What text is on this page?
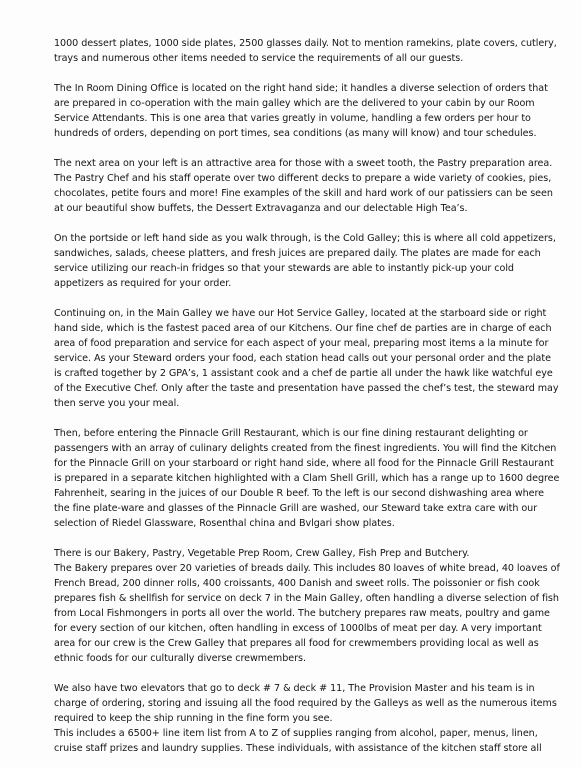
1000 dessert plates, 1000 side plates, 2500 glasses daily. Not to mention ramekins, plate covers, cutlery, trays and numerous other items needed to service the requirements of all our guests.

The In Room Dining Office is located on the right hand side; it handles a diverse selection of orders that are prepared in co-operation with the main galley which are the delivered to your cabin by our Room Service Attendants. This is one area that varies greatly in volume, handling a few orders per hour to hundreds of orders, depending on port times, sea conditions (as many will know) and tour schedules.

The next area on your left is an attractive area for those with a sweet tooth, the Pastry preparation area. The Pastry Chef and his staff operate over two different decks to prepare a wide variety of cookies, pies, chocolates, petite fours and more! Fine examples of the skill and hard work of our patissiers can be seen at our beautiful show buffets, the Dessert Extravaganza and our delectable High Tea’s.

On the portside or left hand side as you walk through, is the Cold Galley; this is where all cold appetizers, sandwiches, salads, cheese platters, and fresh juices are prepared daily. The plates are made for each service utilizing our reach-in fridges so that your stewards are able to instantly pick-up your cold appetizers as required for your order.

Continuing on, in the Main Galley we have our Hot Service Galley, located at the starboard side or right hand side, which is the fastest paced area of our Kitchens. Our fine chef de parties are in charge of each area of food preparation and service for each aspect of your meal, preparing most items a la minute for service. As your Steward orders your food, each station head calls out your personal order and the plate is crafted together by 2 GPA’s, 1 assistant cook and a chef de partie all under the hawk like watchful eye of the Executive Chef. Only after the taste and presentation have passed the chef’s test, the steward may then serve you your meal.

Then, before entering the Pinnacle Grill Restaurant, which is our fine dining restaurant delighting or passengers with an array of culinary delights created from the finest ingredients. You will find the Kitchen for the Pinnacle Grill on your starboard or right hand side, where all food for the Pinnacle Grill Restaurant is prepared in a separate kitchen highlighted with a Clam Shell Grill, which has a range up to 1600 degree Fahrenheit, searing in the juices of our Double R beef. To the left is our second dishwashing area where the fine plate-ware and glasses of the Pinnacle Grill are washed, our Steward take extra care with our selection of Riedel Glassware, Rosenthal china and Bvlgari show plates.

There is our Bakery, Pastry, Vegetable Prep Room, Crew Galley, Fish Prep and Butchery.

The Bakery prepares over 20 varieties of breads daily. This includes 80 loaves of white bread, 40 loaves of French Bread, 200 dinner rolls, 400 croissants, 400 Danish and sweet rolls. The poissonier or fish cook prepares fish & shellfish for service on deck 7 in the Main Galley, often handling a diverse selection of fish from Local Fishmongers in ports all over the world. The butchery prepares raw meats, poultry and game for every section of our kitchen, often handling in excess of 1000lbs of meat per day. A very important area for our crew is the Crew Galley that prepares all food for crewmembers providing local as well as ethnic foods for our culturally diverse crewmembers.

We also have two elevators that go to deck # 7 & deck # 11, The Provision Master and his team is in charge of ordering, storing and issuing all the food required by the Galleys as well as the numerous items required to keep the ship running in the fine form you see.

This includes a 6500+ line item list from A to Z of supplies ranging from alcohol, paper, menus, linen, cruise staff prizes and laundry supplies. These individuals, with assistance of the kitchen staff store all
